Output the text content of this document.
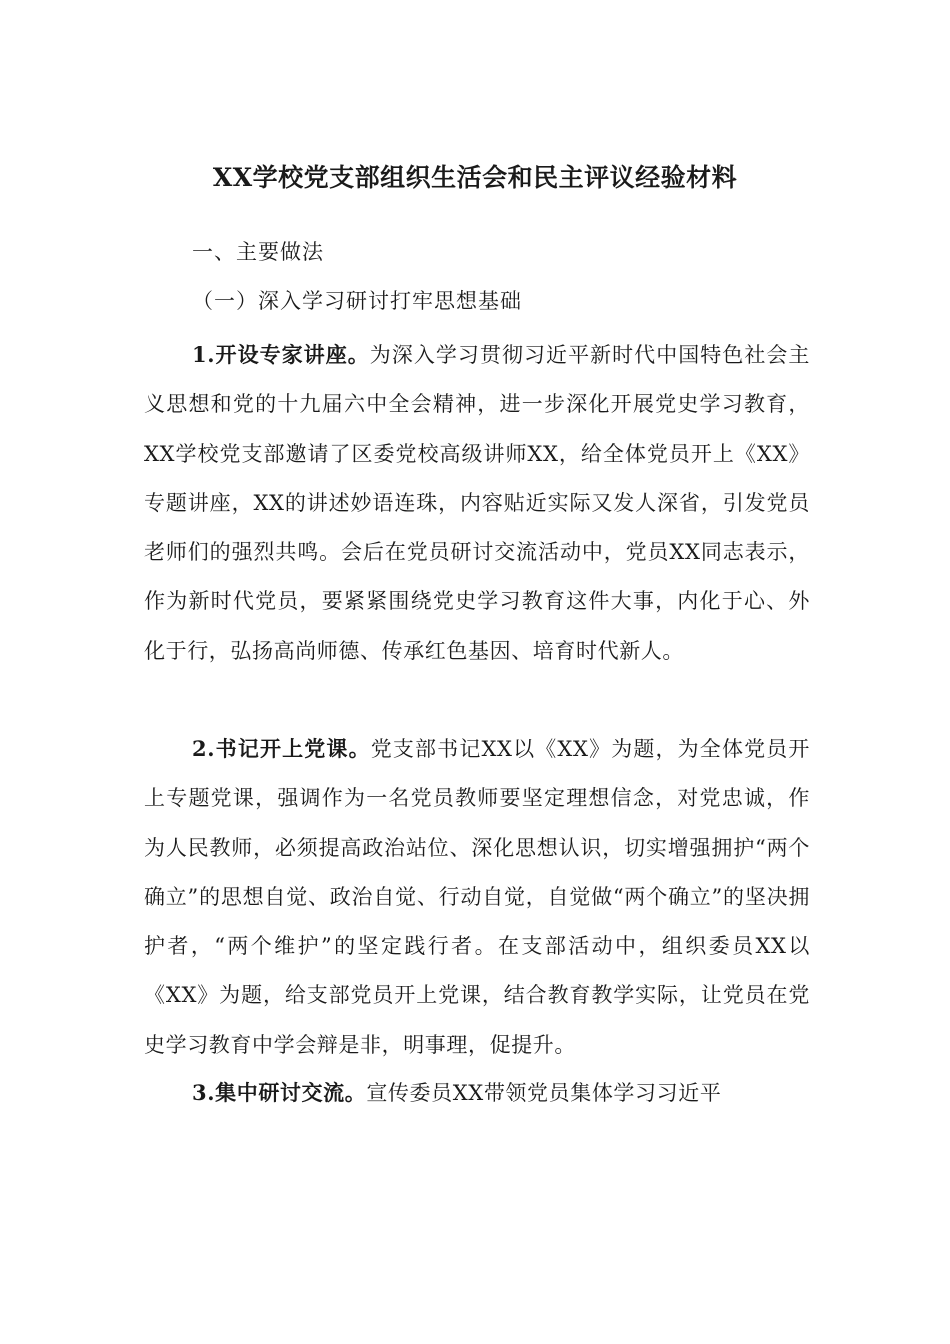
XX学校党支部组织生活会和民主评议经验材料

一、主要做法

（一）深入学习研讨打牢思想基础

1.开设专家讲座。为深入学习贯彻习近平新时代中国特色社会主义思想和党的十九届六中全会精神，进一步深化开展党史学习教育，XX学校党支部邀请了区委党校高级讲师XX，给全体党员开上《XX》专题讲座，XX的讲述妙语连珠，内容贴近实际又发人深省，引发党员老师们的强烈共鸣。会后在党员研讨交流活动中，党员XX同志表示，作为新时代党员，要紧紧围绕党史学习教育这件大事，内化于心、外化于行，弘扬高尚师德、传承红色基因、培育时代新人。

2.书记开上党课。党支部书记XX以《XX》为题，为全体党员开上专题党课，强调作为一名党员教师要坚定理想信念，对党忠诚，作为人民教师，必须提高政治站位、深化思想认识，切实增强拥护“两个确立”的思想自觉、政治自觉、行动自觉，自觉做“两个确立”的坚决拥护者，“两个维护”的坚定践行者。在支部活动中，组织委员XX以《XX》为题，给支部党员开上党课，结合教育教学实际，让党员在党史学习教育中学会辩是非，明事理，促提升。

3.集中研讨交流。宣传委员XX带领党员集体学习习近平
